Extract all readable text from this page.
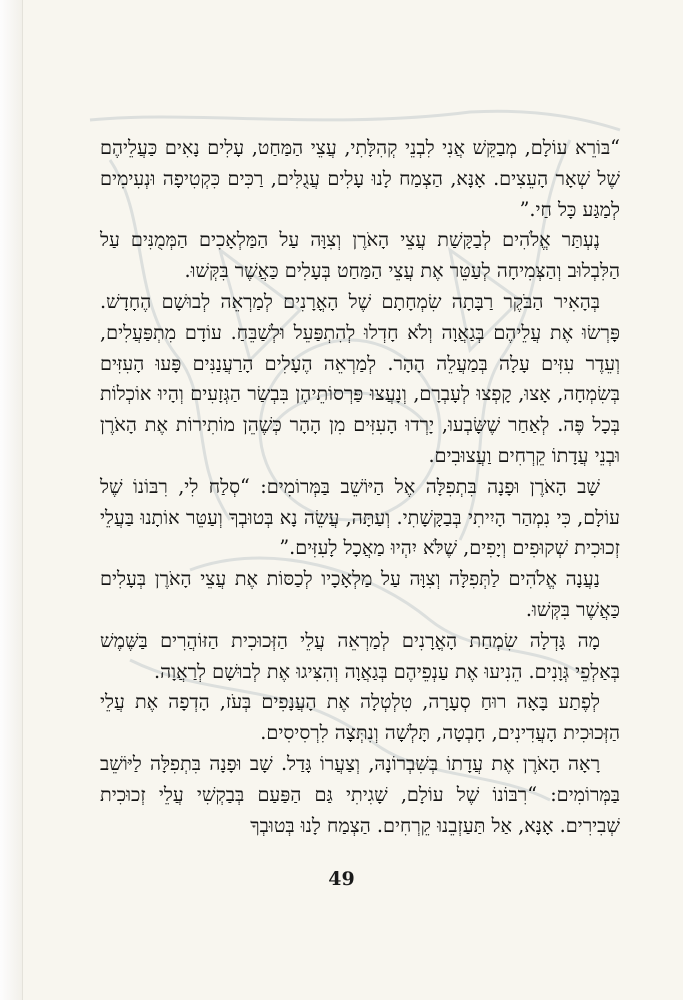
“בּוֹרֵא עוֹלָם, מְבַקֵּשׁ אֲנִי לִבְנֵי קְהִלָּתִי, עֲצֵי הַמַּחַט, עָלִים נָאִים כַּעֲלֵיהֶם שֶׁל שְׁאָר הָעֵצִים. אָנָּא, הַצְמַח לָנוּ עָלִים עֲגֻלִּים, רַכִּים כִּקְטִיפָה וּנְעִימִים לְמַגַּע כָּל חַי.”

נֶעְתַּר אֱלֹהִים לְבַקָּשַׁת עֲצֵי הָאֹרֶן וְצִוָּה עַל הַמַּלְאָכִים הַמְּמֻנִּים עַל הַלִּבְלוּב וְהַצְּמִיחָה לְעַטֵּר אֶת עֲצֵי הַמַּחַט בְּעָלִים כַּאֲשֶׁר בִּקְּשׁוּ.

בְּהָאִיר הַבֹּקֶר רַבָּתָה שִׂמְחָתָם שֶׁל הָאֳרָנִים לְמַרְאֵה לְבוּשָׁם הֶחָדָשׁ. פָּרְשׂוּ אֶת עֲלֵיהֶם בְּגַאֲוָה וְלֹא חָדְלוּ לְהִתְפַּעֵל וּלְשַׁבֵּחַ. עוֹדָם מִתְפַּעֲלִים, וְעֵדֶר עִזִּים עָלָה בְּמַעֲלֵה הָהָר. לְמַרְאֵה הֶעָלִים הָרַעֲנַנִּים פָּעוּ הָעִזִּים בְּשִׂמְחָה, אָצוּ, קָפְצוּ לְעָבְרָם, וְנָעֲצוּ פַּרְסוֹתֵיהֶן בִּבְשַׂר הַגְּזָעִים וְהָיוּ אוֹכְלוֹת בְּכָל פֶּה. לְאַחַר שֶׁשָּׂבְעוּ, יָרְדוּ הָעִזִּים מִן הָהָר כְּשֶׁהֵן מוֹתִירוֹת אֶת הָאֹרֶן וּבְנֵי עֲדָתוֹ קֵרְחִים וַעֲצוּבִים.

שָׁב הָאֹרֶן וּפָנָה בִּתְפִלָּה אֶל הַיּוֹשֵׁב בַּמְּרוֹמִים: “סְלַח לִי, רִבּוֹנוֹ שֶׁל עוֹלָם, כִּי נִמְהַר הָיִיתִי בְּבַקָּשָׁתִי. וְעַתָּה, עֲשֵׂה נָא בְּטוּבְךָ וְעַטֵּר אוֹתָנוּ בַּעֲלֵי זְכוּכִית שְׁקוּפִים וְיָפִים, שֶׁלֹּא יִהְיוּ מַאֲכָל לָעִזִּים.”

נַעֲנָה אֱלֹהִים לַתְּפִלָּה וְצִוָּה עַל מַלְאָכָיו לְכַסּוֹת אֶת עֲצֵי הָאֹרֶן בְּעָלִים כַּאֲשֶׁר בִּקְּשׁוּ.

מָה גָּדְלָה שִׂמְחַת הָאֳרָנִים לְמַרְאֵה עֲלֵי הַזְּכוּכִית הַזּוֹהֲרִים בַּשֶּׁמֶשׁ בְּאַלְפֵי גְּוָנִים. הֵנִיעוּ אֶת עַנְפֵיהֶם בְּגַאֲוָה וְהִצִּיגוּ אֶת לְבוּשָׁם לְרַאֲוָה.

לְפֶתַע בָּאָה רוּחַ סְעָרָה, טִלְטְלָה אֶת הָעֲנָפִים בְּעֹז, הָדְפָה אֶת עֲלֵי הַזְּכוּכִית הָעֲדִינִים, חָבְטָה, תָּלְשָׁה וְנִתְּצָה לִרְסִיסִים.

רָאָה הָאֹרֶן אֶת עֲדָתוֹ בְּשִׁבְרוֹנָהּ, וְצַעֲרוֹ גָּדַל. שָׁב וּפָנָה בִּתְפִלָּה לַיּוֹשֵׁב בַּמְּרוֹמִים: “רִבּוֹנוֹ שֶׁל עוֹלָם, שָׁגִיתִי גַּם הַפַּעַם בְּבַקְשִׁי עֲלֵי זְכוּכִית שְׁבִירִים. אָנָּא, אַל תַּעַזְבֵנוּ קֵרְחִים. הַצְמַח לָנוּ בְּטוּבְךָ

49
